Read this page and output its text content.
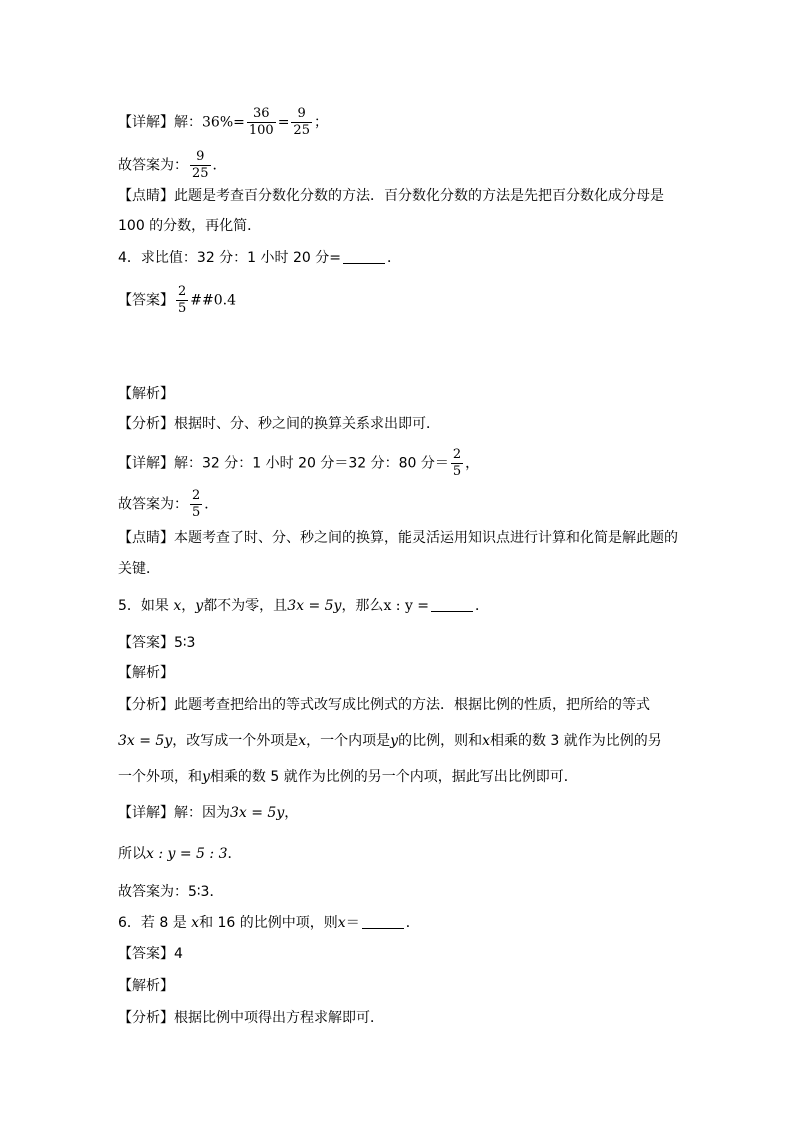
【详解】解：$36\%= \frac{36}{100} = \frac{9}{25}$ ；
故答案为： $\frac{9}{25}$ ．
【点睛】此题是考查百分数化分数的方法．百分数化分数的方法是先把百分数化成分母是
100 的分数，再化简．
4．求比值：32 分：1 小时 20 分=	．
【答案】 $\frac{2}{5}$ ##0.4
【解析】
【分析】根据时、分、秒之间的换算关系求出即可．
【详解】解：32 分：1 小时 20 分＝32 分：80 分＝ $\frac{2}{5}$ ，
故答案为： $\frac{2}{5}$ ．
【点睛】本题考查了时、分、秒之间的换算，能灵活运用知识点进行计算和化简是解此题的
关键．
5．如果 x，y都不为零，且3x = 5y，那么x : y =	．
【答案】5∶3
【解析】
【分析】此题考查把给出的等式改写成比例式的方法．根据比例的性质，把所给的等式
3x = 5y，改写成一个外项是x，一个内项是y的比例，则和x相乘的数 3 就作为比例的另
一个外项，和y相乘的数 5 就作为比例的另一个内项，据此写出比例即可．
【详解】解：因为3x = 5y，
所以x : y = 5 : 3．
故答案为：5∶3．
6．若 8 是 x和 16 的比例中项，则x＝	．
【答案】4
【解析】
【分析】根据比例中项得出方程求解即可．
